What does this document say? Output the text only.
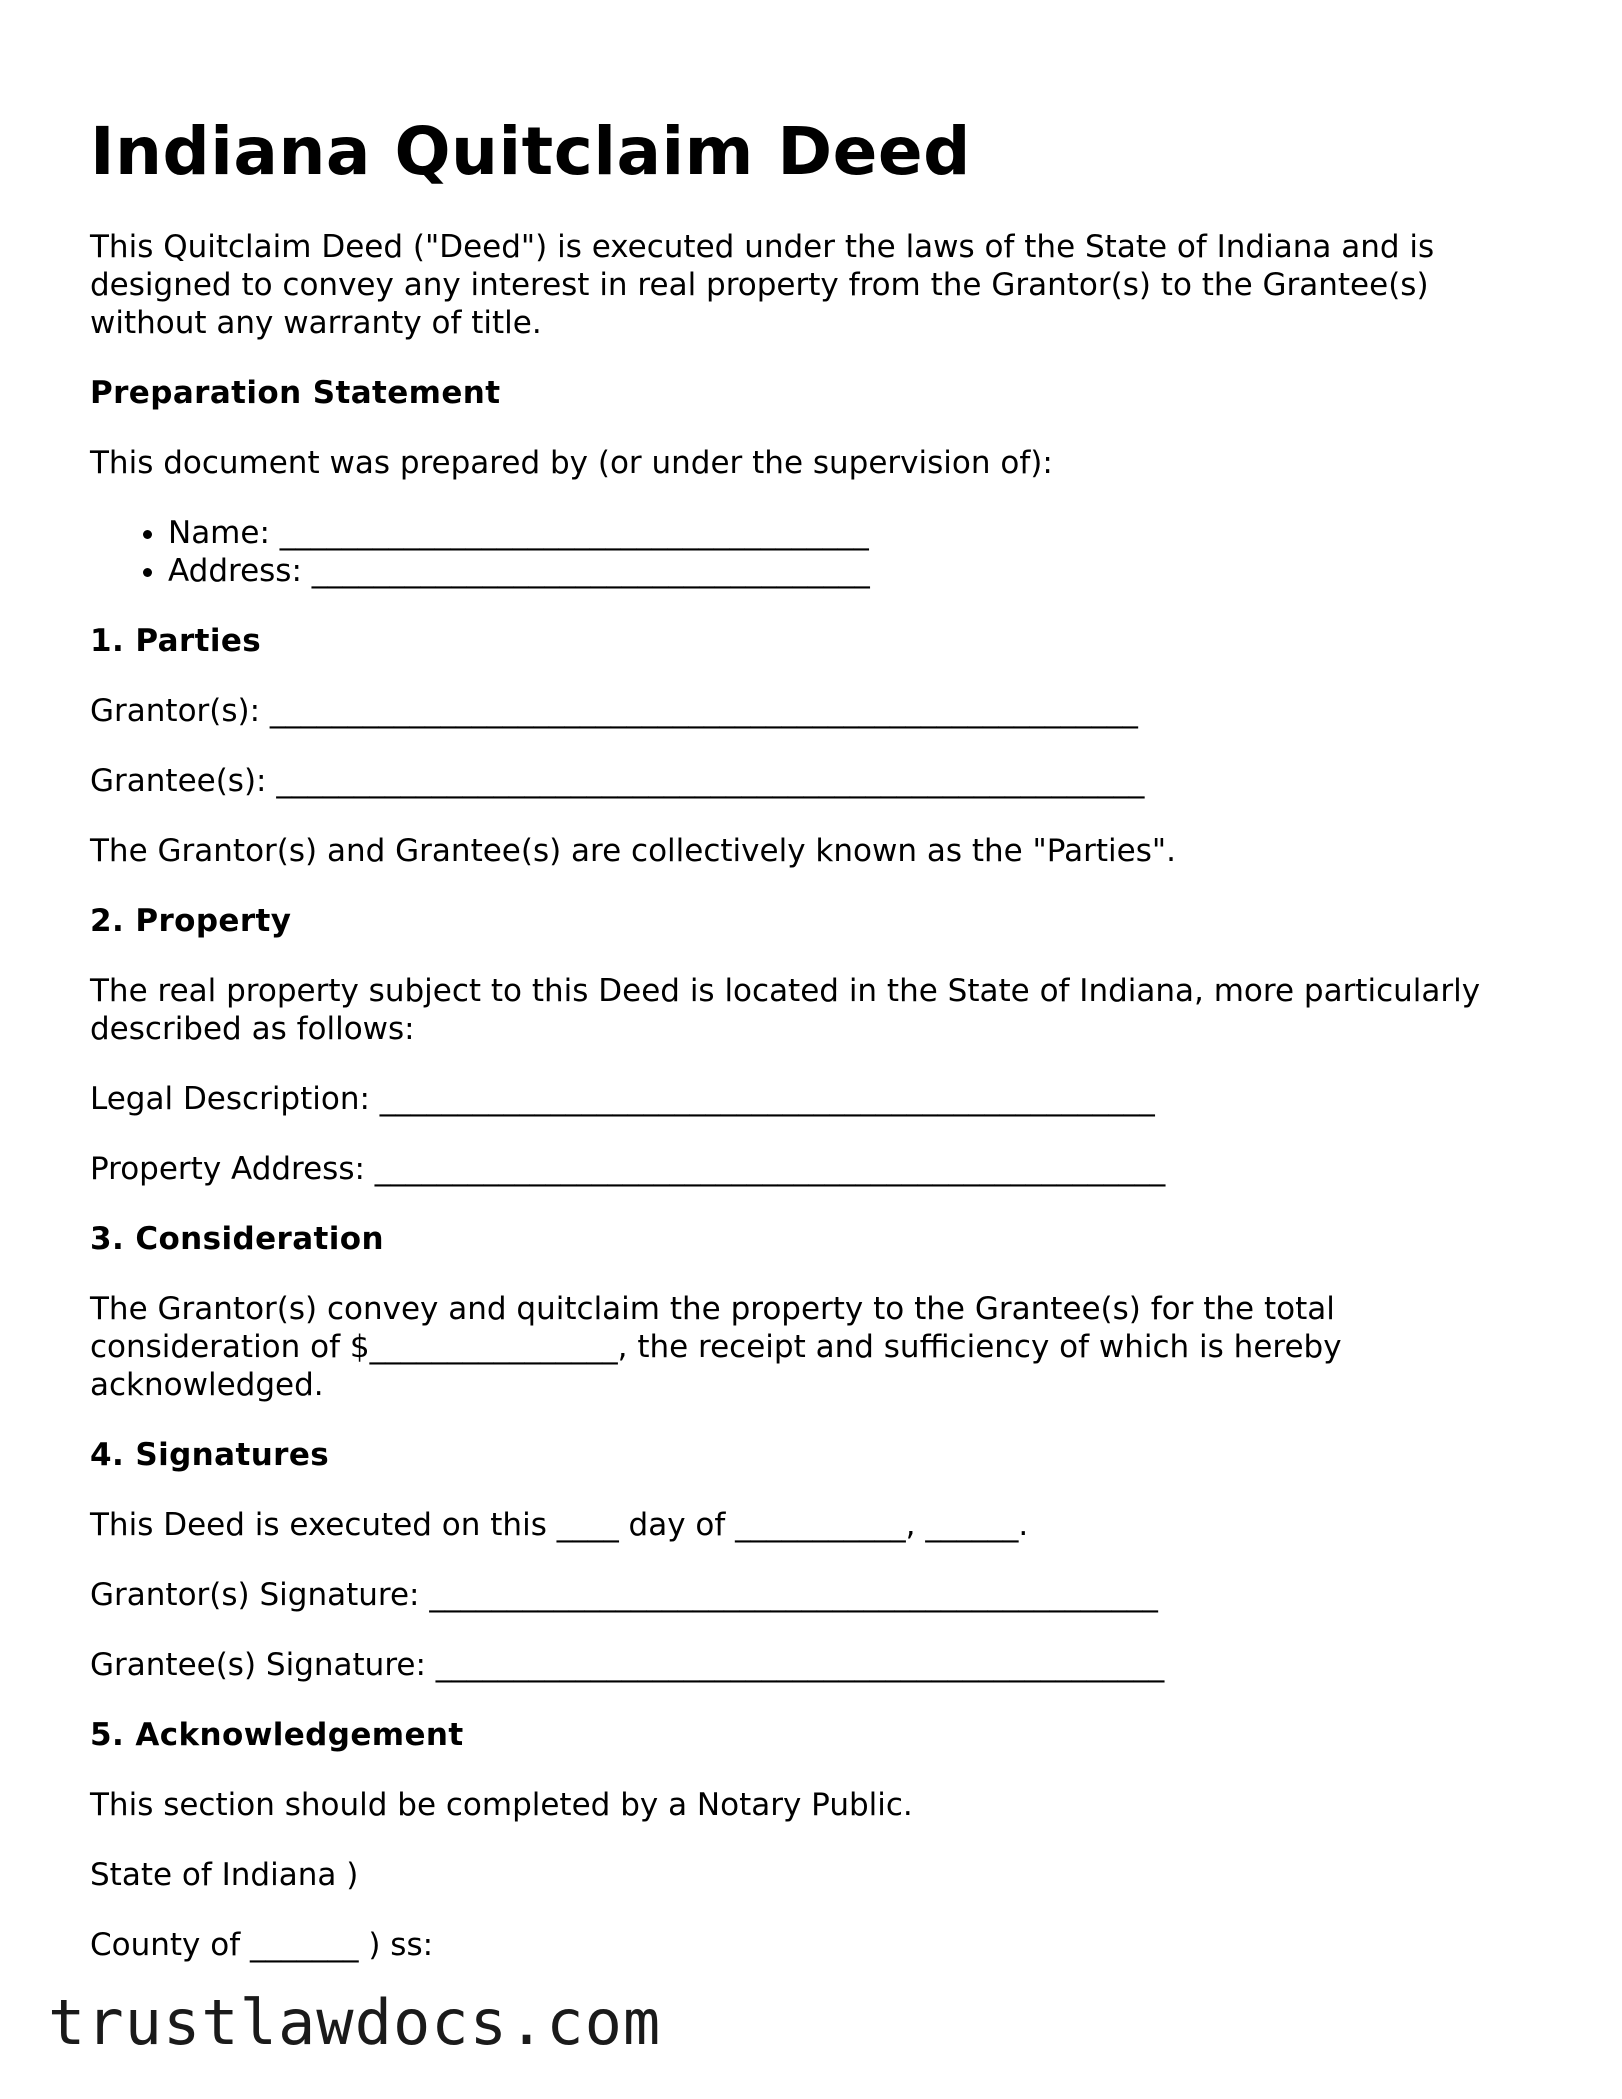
Indiana Quitclaim Deed

This Quitclaim Deed ("Deed") is executed under the laws of the State of Indiana and is designed to convey any interest in real property from the Grantor(s) to the Grantee(s) without any warranty of title.

Preparation Statement

This document was prepared by (or under the supervision of):

• Name: ______________________________________
• Address: ____________________________________
1. Parties

Grantor(s): ________________________________________________________

Grantee(s): ________________________________________________________

The Grantor(s) and Grantee(s) are collectively known as the "Parties".

2. Property

The real property subject to this Deed is located in the State of Indiana, more particularly described as follows:

Legal Description: __________________________________________________

Property Address: ___________________________________________________

3. Consideration

The Grantor(s) convey and quitclaim the property to the Grantee(s) for the total consideration of $________________, the receipt and sufficiency of which is hereby acknowledged.

4. Signatures

This Deed is executed on this ____ day of ___________, ______.

Grantor(s) Signature: _______________________________________________

Grantee(s) Signature: _______________________________________________

5. Acknowledgement

This section should be completed by a Notary Public.

State of Indiana )

County of _______ ) ss:

trustlawdocs.com
